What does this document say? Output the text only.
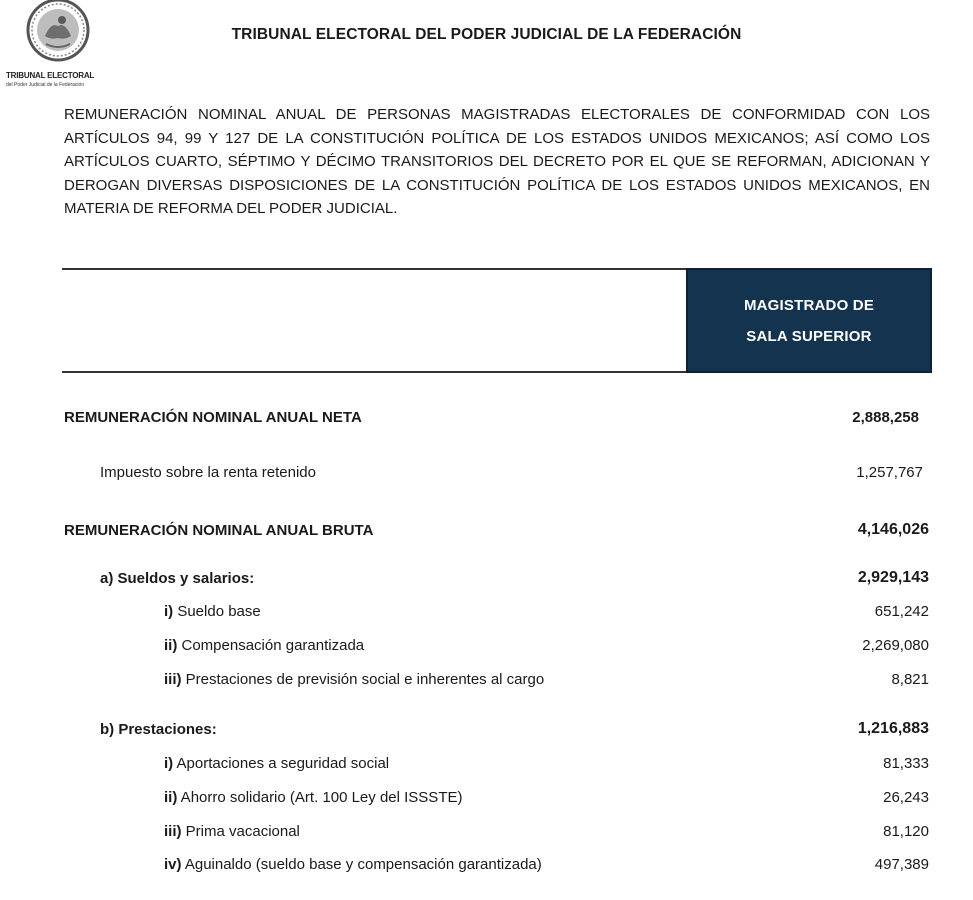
TRIBUNAL ELECTORAL
del Poder Judicial de la Federación
TRIBUNAL ELECTORAL DEL PODER JUDICIAL DE LA FEDERACIÓN
REMUNERACIÓN NOMINAL ANUAL DE PERSONAS MAGISTRADAS ELECTORALES DE CONFORMIDAD CON LOS ARTÍCULOS 94, 99 Y 127 DE LA CONSTITUCIÓN POLÍTICA DE LOS ESTADOS UNIDOS MEXICANOS; ASÍ COMO LOS ARTÍCULOS CUARTO, SÉPTIMO Y DÉCIMO TRANSITORIOS DEL DECRETO POR EL QUE SE REFORMAN, ADICIONAN Y DEROGAN DIVERSAS DISPOSICIONES DE LA CONSTITUCIÓN POLÍTICA DE LOS ESTADOS UNIDOS MEXICANOS, EN MATERIA DE REFORMA DEL PODER JUDICIAL.
MAGISTRADO DE
SALA SUPERIOR
REMUNERACIÓN NOMINAL ANUAL NETA	2,888,258
Impuesto sobre la renta retenido	1,257,767
REMUNERACIÓN NOMINAL ANUAL BRUTA	4,146,026
a) Sueldos y salarios:	2,929,143
i) Sueldo base	651,242
ii) Compensación garantizada	2,269,080
iii) Prestaciones de previsión social e inherentes al cargo	8,821
b) Prestaciones:	1,216,883
i) Aportaciones a seguridad social	81,333
ii) Ahorro solidario (Art. 100 Ley del ISSSTE)	26,243
iii) Prima vacacional	81,120
iv) Aguinaldo (sueldo base y compensación garantizada)	497,389
